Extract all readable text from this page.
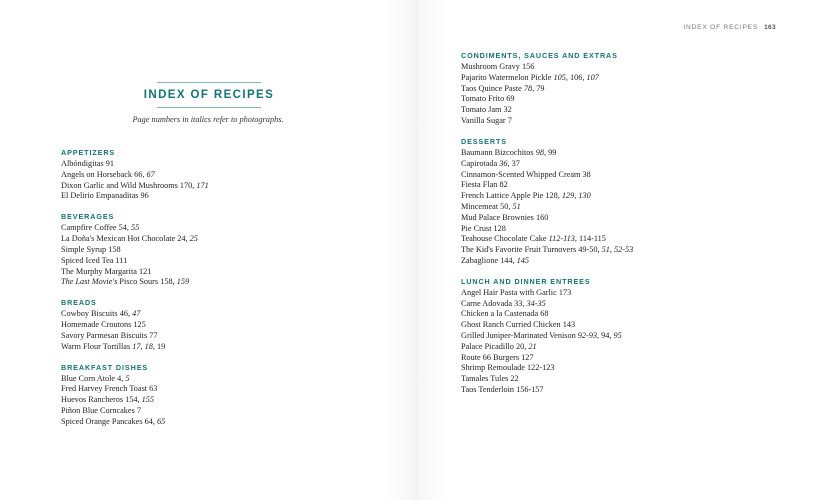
INDEX OF RECIPES 163
INDEX OF RECIPES
Page numbers in italics refer to photographs.
APPETIZERS
Albóndigitas 91
Angels on Horseback 66, 67
Dixon Garlic and Wild Mushrooms 170, 171
El Delirio Empanaditas 96
BEVERAGES
Campfire Coffee 54, 55
La Doña's Mexican Hot Chocolate 24, 25
Simple Syrup 158
Spiced Iced Tea 111
The Murphy Margarita 121
The Last Movie's Pisco Sours 158, 159
BREADS
Cowboy Biscuits 46, 47
Homemade Croutons 125
Savory Parmesan Biscuits 77
Warm Flour Tortillas 17, 18, 19
BREAKFAST DISHES
Blue Corn Atole 4, 5
Fred Harvey French Toast 63
Huevos Rancheros 154, 155
Piñon Blue Corncakes 7
Spiced Orange Pancakes 64, 65
CONDIMENTS, SAUCES AND EXTRAS
Mushroom Gravy 156
Pajarito Watermelon Pickle 105, 106, 107
Taos Quince Paste 78, 79
Tomato Frito 69
Tomato Jam 32
Vanilla Sugar 7
DESSERTS
Baumann Bizcochitos 98, 99
Capirotada 36, 37
Cinnamon-Scented Whipped Cream 38
Fiesta Flan 82
French Lattice Apple Pie 128, 129, 130
Mincemeat 50, 51
Mud Palace Brownies 160
Pie Crust 128
Teahouse Chocolate Cake 112-113, 114-115
The Kid's Favorite Fruit Turnovers 49-50, 51, 52-53
Zabaglione 144, 145
LUNCH AND DINNER ENTREES
Angel Hair Pasta with Garlic 173
Carne Adovada 33, 34-35
Chicken a la Castenada 68
Ghost Ranch Curried Chicken 143
Grilled Juniper-Marinated Venison 92-93, 94, 95
Palace Picadillo 20, 21
Route 66 Burgers 127
Shrimp Remoulade 122-123
Tamales Tules 22
Taos Tenderloin 156-157
